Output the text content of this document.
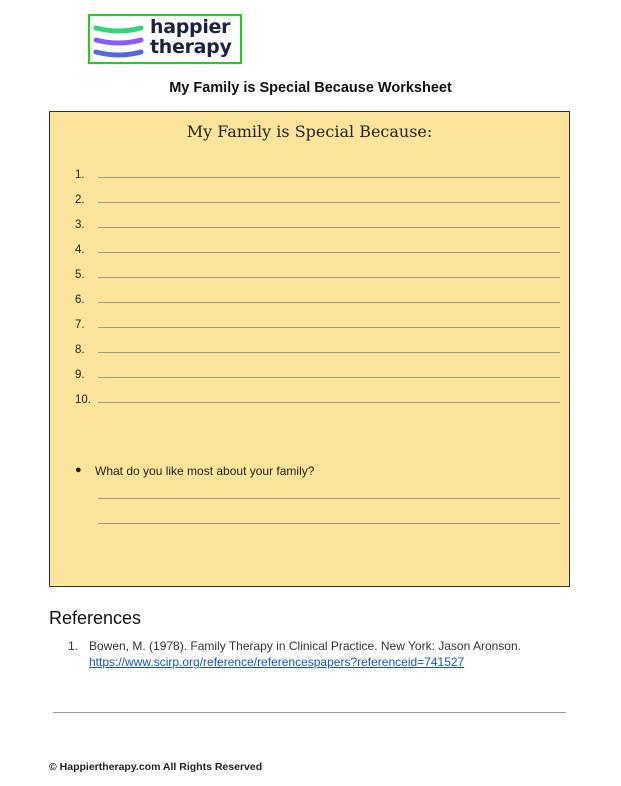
happier
therapy
My Family is Special Because Worksheet
My Family is Special Because:
1.
2.
3.
4.
5.
6.
7.
8.
9.
10.
● What do you like most about your family?
References
1. Bowen, M. (1978). Family Therapy in Clinical Practice. New York: Jason Aronson.
https://www.scirp.org/reference/referencespapers?referenceid=741527
© Happiertherapy.com All Rights Reserved
